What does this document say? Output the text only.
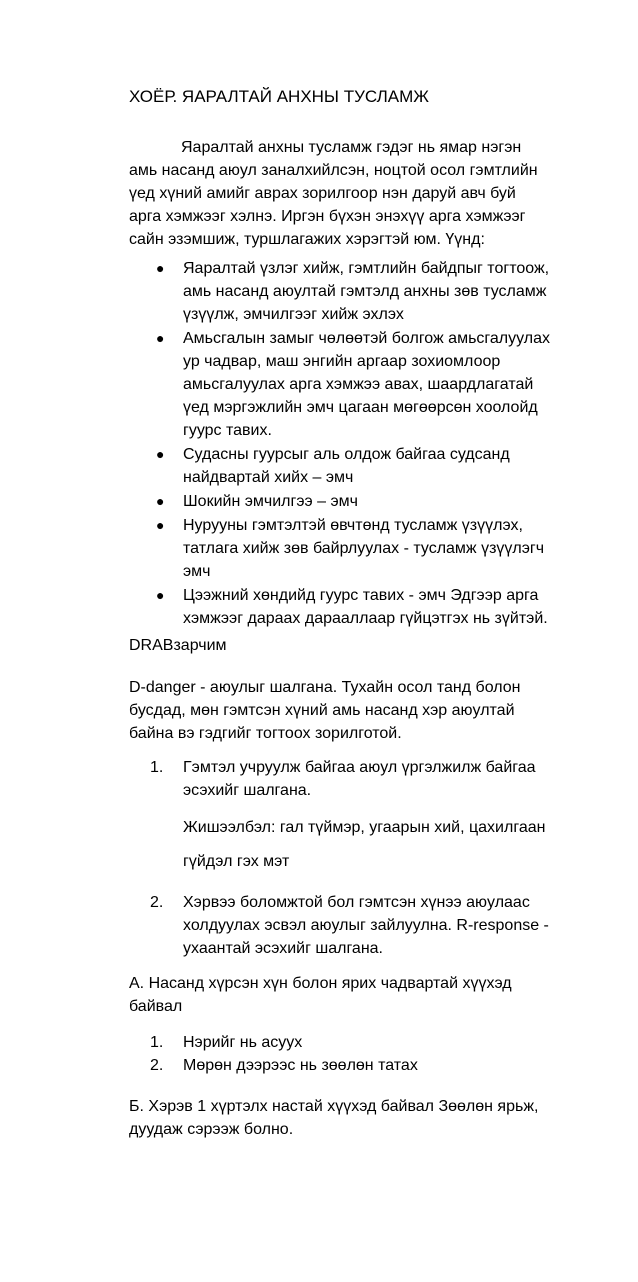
ХОЁР. ЯАРАЛТАЙ АНХНЫ ТУСЛАМЖ

Яаралтай анхны тусламж гэдэг нь ямар нэгэн
амь насанд аюул заналхийлсэн, ноцтой осол гэмтлийн
үед хүний амийг аврах зорилгоор нэн даруй авч буй
арга хэмжээг хэлнэ. Иргэн бүхэн энэхүү арга хэмжээг
сайн эзэмшиж, туршлагажих хэрэгтэй юм. Үүнд:

● Яаралтай үзлэг хийж, гэмтлийн байдпыг тогтоож,
амь насанд аюултай гэмтэлд анхны зөв тусламж
үзүүлж, эмчилгээг хийж эхлэх
● Амьсгалын замыг чөлөөтэй болгож амьсгалуулах
ур чадвар, маш энгийн аргаар зохиомлоор
амьсгалуулах арга хэмжээ авах, шаардлагатай
үед мэргэжлийн эмч цагаан мөгөөрсөн хоолойд
гуурс тавих.
● Судасны гуурсыг аль олдож байгаа судсанд
найдвартай хийх – эмч
● Шокийн эмчилгээ – эмч
● Нурууны гэмтэлтэй өвчтөнд тусламж үзүүлэх,
татлага хийж зөв байрлуулах - тусламж үзүүлэгч
эмч
● Цээжний хөндийд гуурс тавих - эмч Эдгээр арга
хэмжээг дараах дарааллаар гүйцэтгэх нь зүйтэй.

DRABзарчим

D-danger - аюулыг шалгана. Тухайн осол танд болон
бусдад, мөн гэмтсэн хүний амь насанд хэр аюултай
байна вэ гэдгийг тогтоох зорилготой.

1. Гэмтэл учруулж байгаа аюул үргэлжилж байгаа
эсэхийг шалгана.

Жишээлбэл: гал түймэр, угаарын хий, цахилгаан

гүйдэл гэх мэт

2. Хэрвээ боломжтой бол гэмтсэн хүнээ аюулаас
холдуулах эсвэл аюулыг зайлуулна. R-response -
ухаантай эсэхийг шалгана.

А. Насанд хүрсэн хүн болон ярих чадвартай хүүхэд
байвал

1. Нэрийг нь асуух
2. Мөрөн дээрээс нь зөөлөн татах

Б. Хэрэв 1 хүртэлх настай хүүхэд байвал Зөөлөн ярьж,
дуудаж сэрээж болно.
